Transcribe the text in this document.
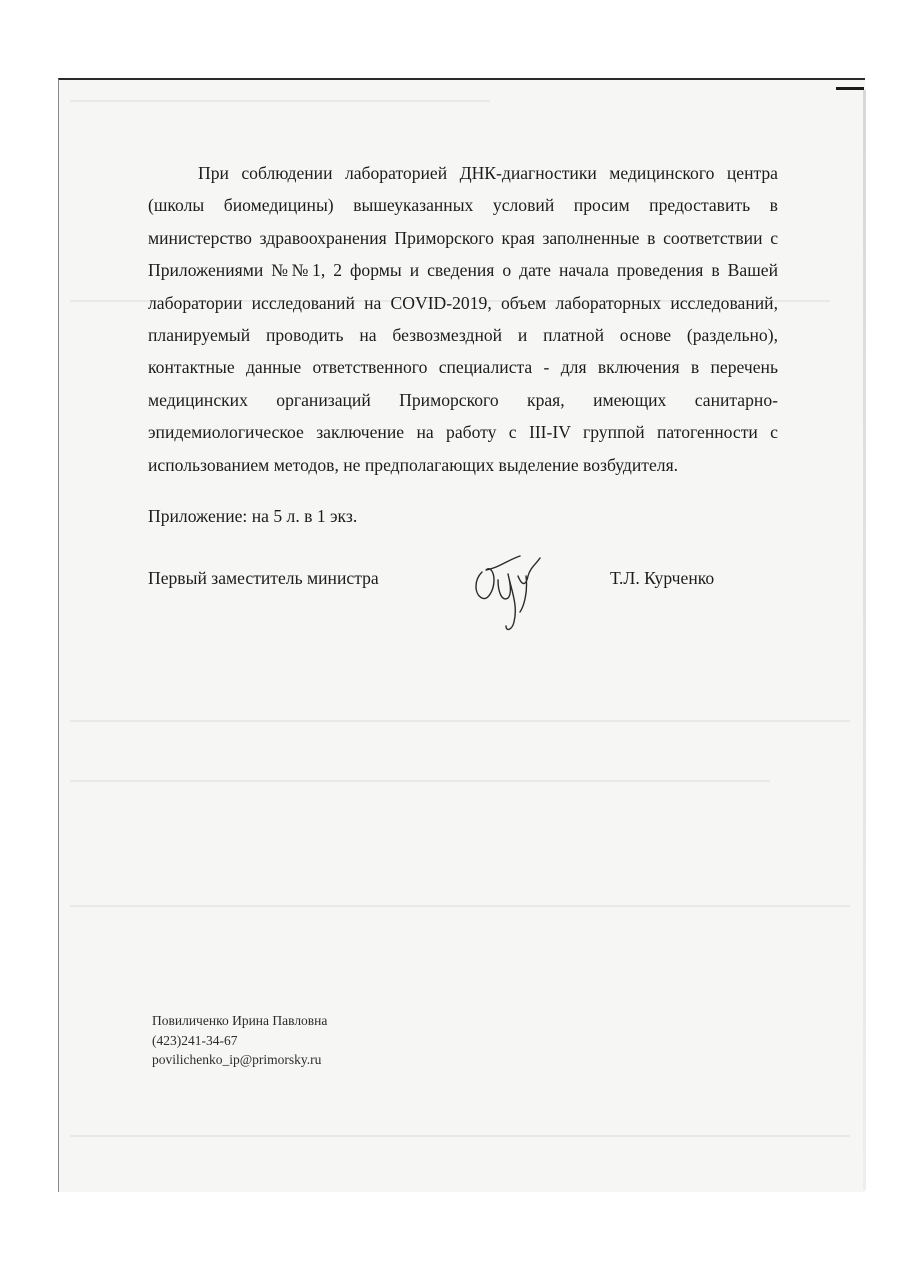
При соблюдении лабораторией ДНК-диагностики медицинского центра (школы биомедицины) вышеуказанных условий просим предоставить в министерство здравоохранения Приморского края заполненные в соответствии с Приложениями №№1, 2 формы и сведения о дате начала проведения в Вашей лаборатории исследований на COVID-2019, объем лабораторных исследований, планируемый проводить на безвозмездной и платной основе (раздельно), контактные данные ответственного специалиста - для включения в перечень медицинских организаций Приморского края, имеющих санитарно-эпидемиологическое заключение на работу с III-IV группой патогенности с использованием методов, не предполагающих выделение возбудителя.

Приложение: на 5 л. в 1 экз.

Первый заместитель министра	Т.Л. Курченко

Повиличенко Ирина Павловна
(423)241-34-67
povilichenko_ip@primorsky.ru
